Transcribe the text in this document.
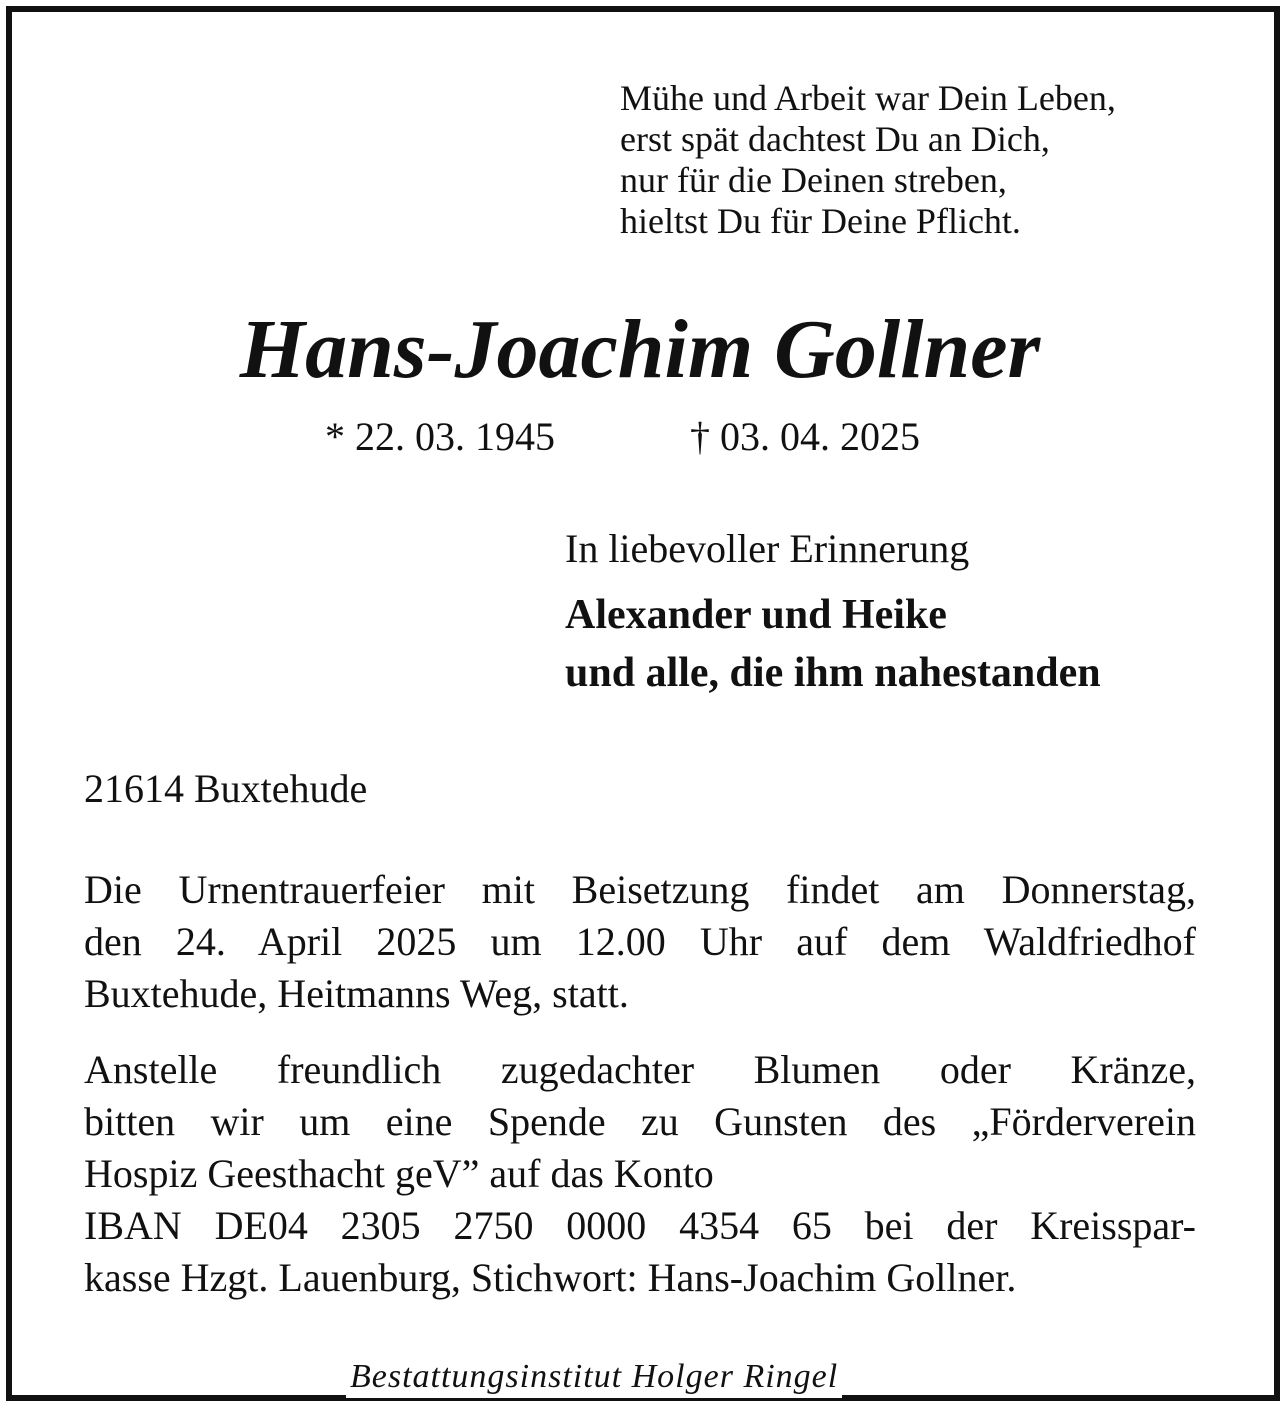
Mühe und Arbeit war Dein Leben,
erst spät dachtest Du an Dich,
nur für die Deinen streben,
hieltst Du für Deine Pflicht.
Hans-Joachim Gollner
* 22. 03. 1945	† 03. 04. 2025
In liebevoller Erinnerung
Alexander und Heike
und alle, die ihm nahestanden
21614 Buxtehude
Die Urnentrauerfeier mit Beisetzung findet am Donnerstag,
den 24. April 2025 um 12.00 Uhr auf dem Waldfriedhof
Buxtehude, Heitmanns Weg, statt.
Anstelle freundlich zugedachter Blumen oder Kränze,
bitten wir um eine Spende zu Gunsten des „Förderverein
Hospiz Geesthacht geV” auf das Konto
IBAN DE04 2305 2750 0000 4354 65 bei der Kreisspar-
kasse Hzgt. Lauenburg, Stichwort: Hans-Joachim Gollner.
Bestattungsinstitut Holger Ringel
